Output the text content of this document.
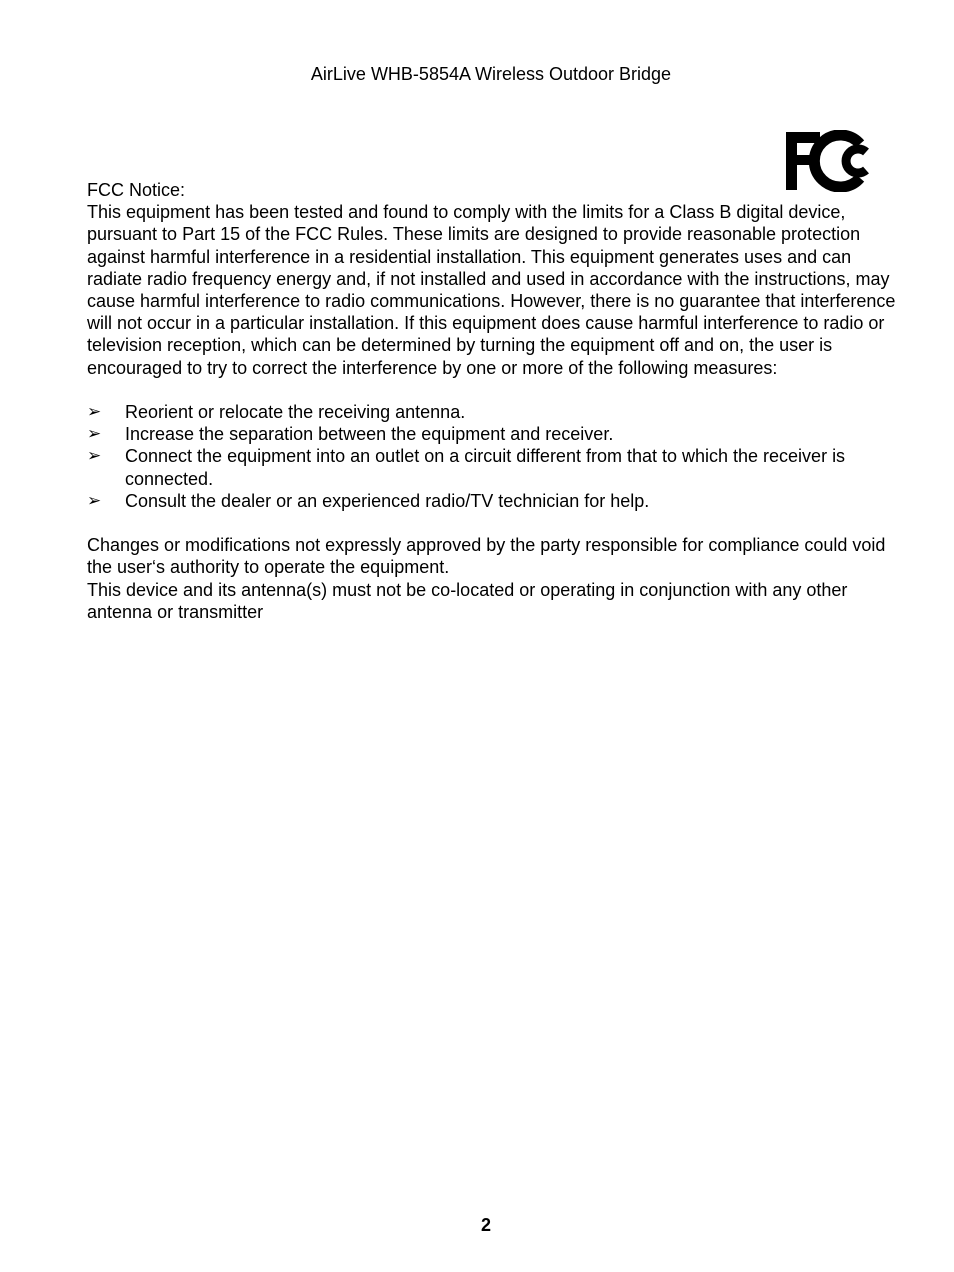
AirLive WHB-5854A Wireless Outdoor Bridge

FCC Notice:

This equipment has been tested and found to comply with the limits for a Class B digital device, pursuant to Part 15 of the FCC Rules. These limits are designed to provide reasonable protection against harmful interference in a residential installation. This equipment generates uses and can radiate radio frequency energy and, if not installed and used in accordance with the instructions, may cause harmful interference to radio communications. However, there is no guarantee that interference will not occur in a particular installation. If this equipment does cause harmful interference to radio or television reception, which can be determined by turning the equipment off and on, the user is encouraged to try to correct the interference by one or more of the following measures:

➢ Reorient or relocate the receiving antenna.
➢ Increase the separation between the equipment and receiver.
➢ Connect the equipment into an outlet on a circuit different from that to which the receiver is connected.
➢ Consult the dealer or an experienced radio/TV technician for help.

Changes or modifications not expressly approved by the party responsible for compliance could void the user‘s authority to operate the equipment.

This device and its antenna(s) must not be co-located or operating in conjunction with any other antenna or transmitter

2
